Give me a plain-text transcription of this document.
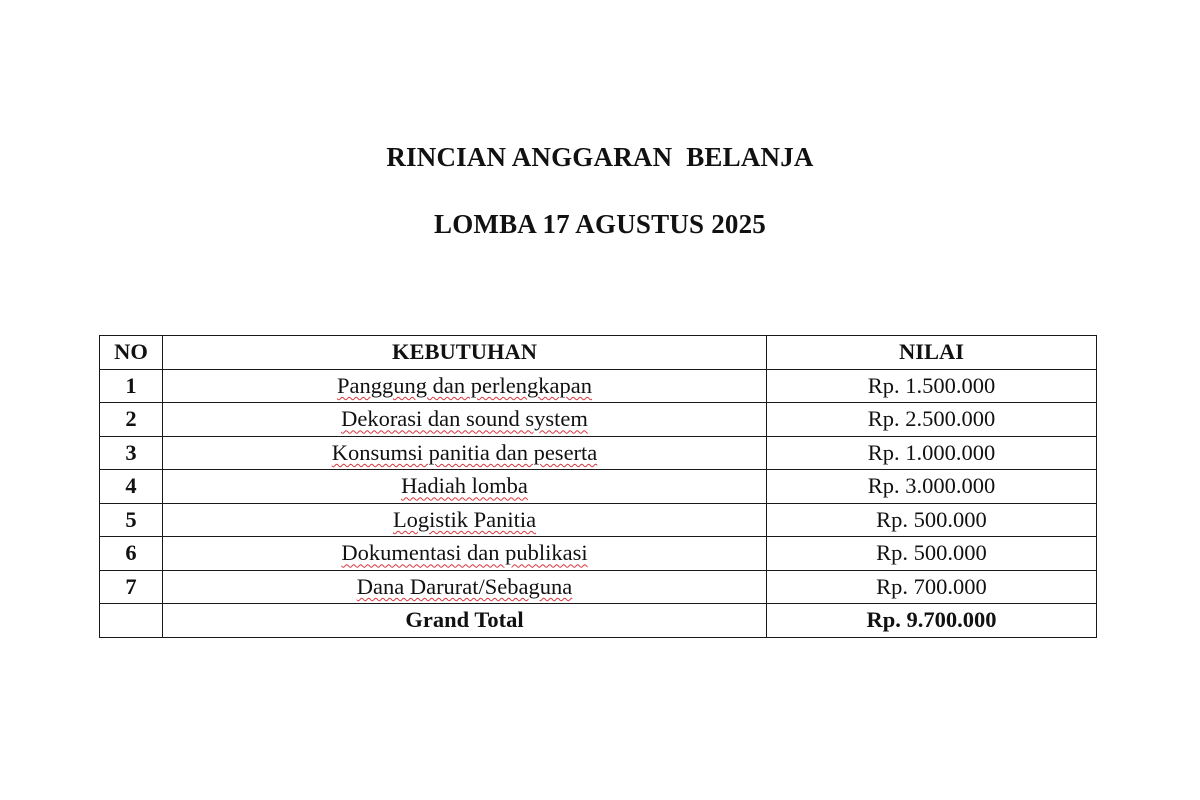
RINCIAN ANGGARAN  BELANJA
LOMBA 17 AGUSTUS 2025
NO	KEBUTUHAN	NILAI
1	Panggung dan perlengkapan	Rp. 1.500.000
2	Dekorasi dan sound system	Rp. 2.500.000
3	Konsumsi panitia dan peserta	Rp. 1.000.000
4	Hadiah lomba	Rp. 3.000.000
5	Logistik Panitia	Rp. 500.000
6	Dokumentasi dan publikasi	Rp. 500.000
7	Dana Darurat/Sebaguna	Rp. 700.000
	Grand Total	Rp. 9.700.000
